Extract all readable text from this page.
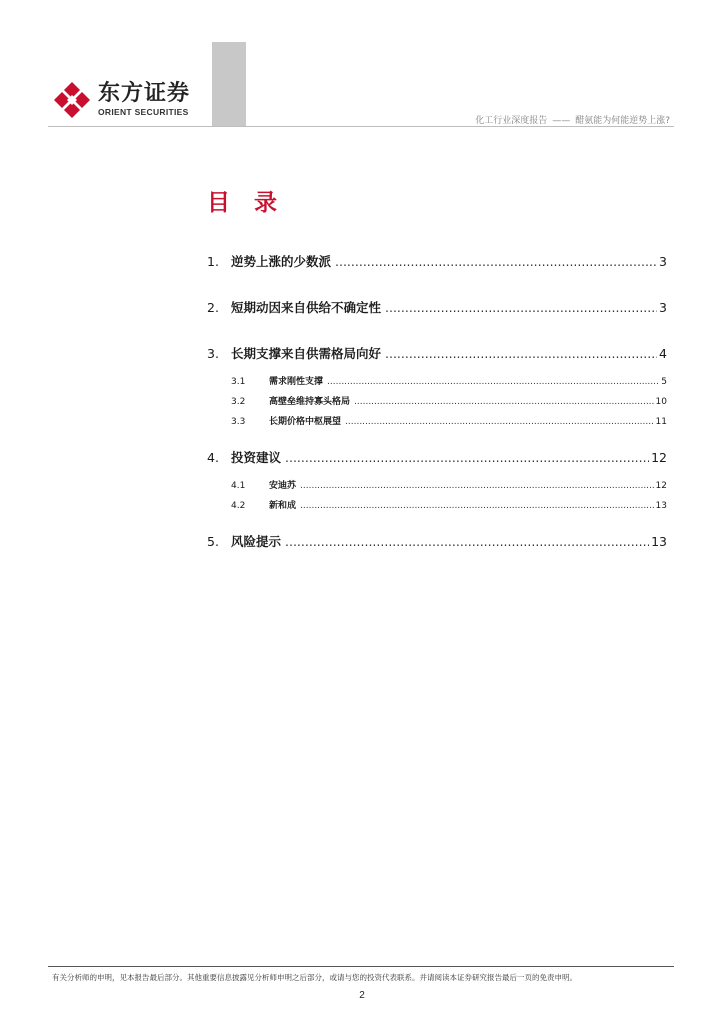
东方证券
ORIENT SECURITIES
化工行业深度报告 —— 醋氨能为何能逆势上涨?
目 录
1. 逆势上涨的少数派 .....	3
2. 短期动因来自供给不确定性 .....	3
3. 长期支撑来自供需格局向好 .....	4
3.1	需求刚性支撑 .....	5
3.2	高壁垒维持寡头格局 .....	10
3.3	长期价格中枢展望 .....	11
4. 投资建议 .....	12
4.1	安迪苏 .....	12
4.2	新和成 .....	13
5. 风险提示 .....	13
有关分析师的申明，见本报告最后部分。其他重要信息披露见分析师申明之后部分，或请与您的投资代表联系。并请阅读本证券研究报告最后一页的免责申明。
2
